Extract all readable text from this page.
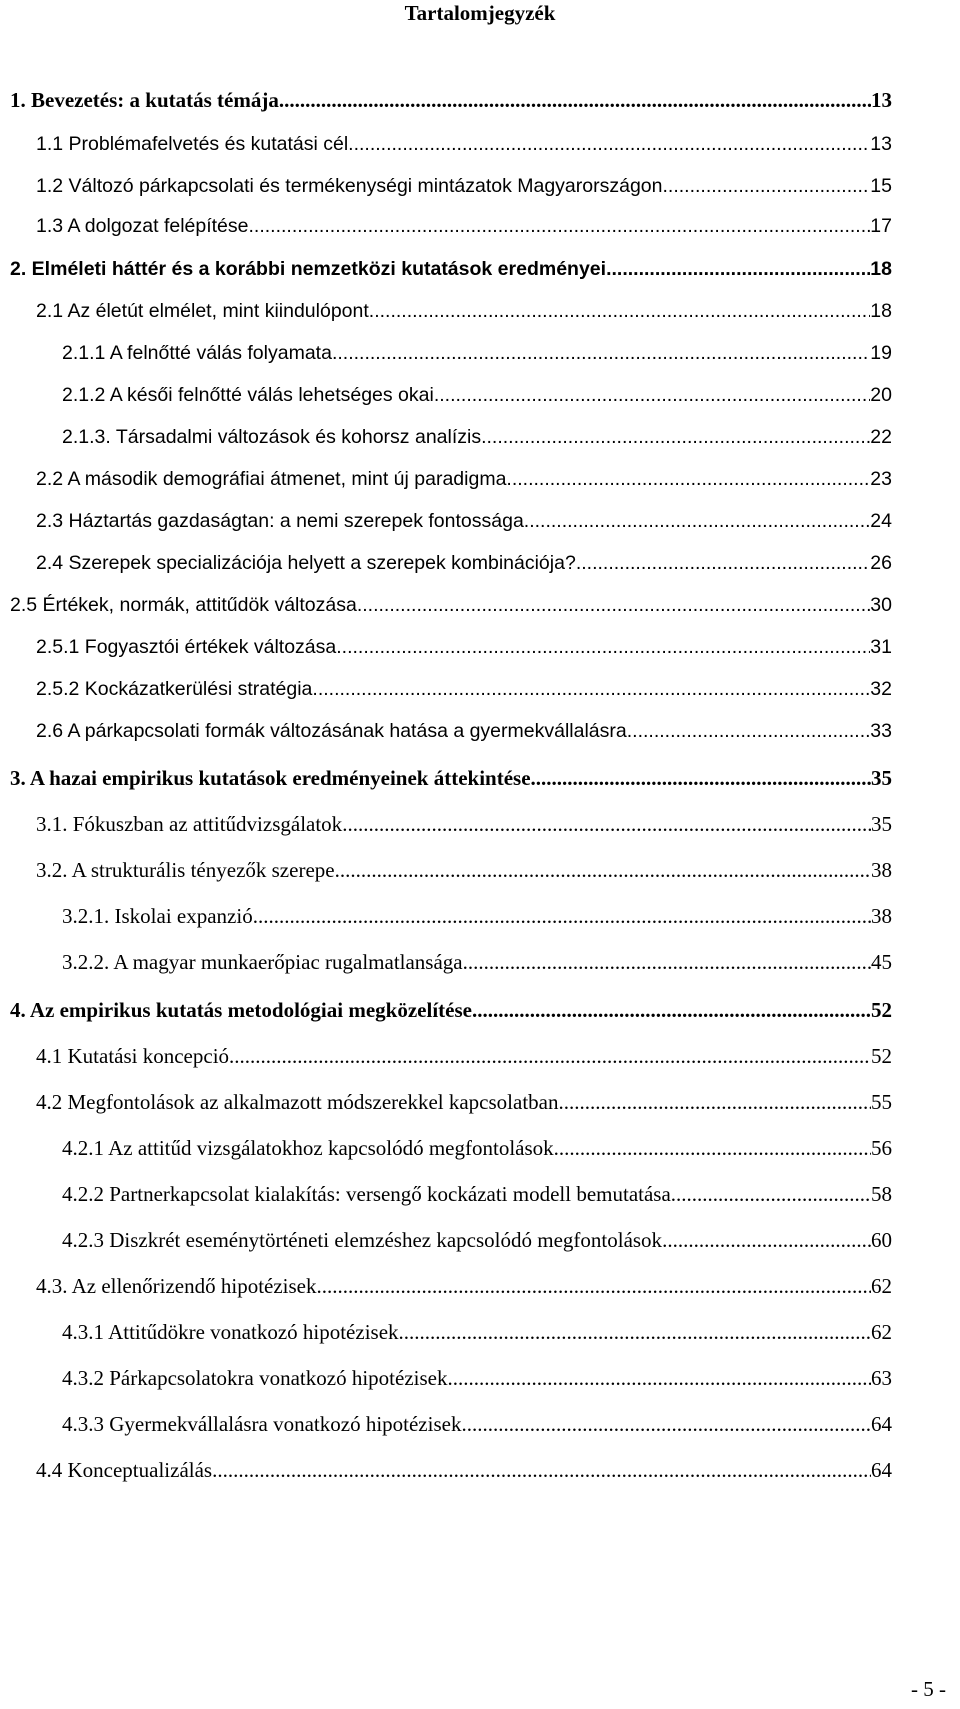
Tartalomjegyzék
1. Bevezetés: a kutatás témája .....	13
1.1 Problémafelvetés és kutatási cél. .....	13
1.2 Változó párkapcsolati és termékenységi mintázatok Magyarországon .....	15
1.3 A dolgozat felépítése. .....	17
2. Elméleti háttér és a korábbi nemzetközi kutatások eredményei .....	18
2.1 Az életút elmélet, mint kiindulópont .....	18
2.1.1 A felnőtté válás folyamata .....	19
2.1.2 A késői felnőtté válás lehetséges okai .....	20
2.1.3. Társadalmi változások és kohorsz analízis .....	22
2.2 A második demográfiai átmenet, mint új paradigma .....	23
2.3 Háztartás gazdaságtan: a nemi szerepek fontossága .....	24
2.4 Szerepek specializációja helyett a szerepek kombinációja? .....	26
2.5 Értékek, normák, attitűdök változása .....	30
2.5.1 Fogyasztói értékek változása .....	31
2.5.2 Kockázatkerülési stratégia .....	32
2.6 A párkapcsolati formák változásának hatása a gyermekvállalásra .....	33
3. A hazai empirikus kutatások eredményeinek áttekintése .....	35
3.1. Fókuszban az attitűdvizsgálatok .....	35
3.2. A strukturális tényezők szerepe .....	38
3.2.1. Iskolai expanzió .....	38
3.2.2. A magyar munkaerőpiac rugalmatlansága .....	45
4. Az empirikus kutatás metodológiai megközelítése .....	52
4.1 Kutatási koncepció .....	52
4.2 Megfontolások az alkalmazott módszerekkel kapcsolatban .....	55
4.2.1 Az attitűd vizsgálatokhoz kapcsolódó megfontolások .....	56
4.2.2 Partnerkapcsolat kialakítás: versengő kockázati modell bemutatása .....	58
4.2.3 Diszkrét eseménytörténeti elemzéshez kapcsolódó megfontolások .....	60
4.3. Az ellenőrizendő hipotézisek .....	62
4.3.1 Attitűdökre vonatkozó hipotézisek .....	62
4.3.2 Párkapcsolatokra vonatkozó hipotézisek .....	63
4.3.3 Gyermekvállalásra vonatkozó hipotézisek .....	64
4.4 Konceptualizálás .....	64
- 5 -
